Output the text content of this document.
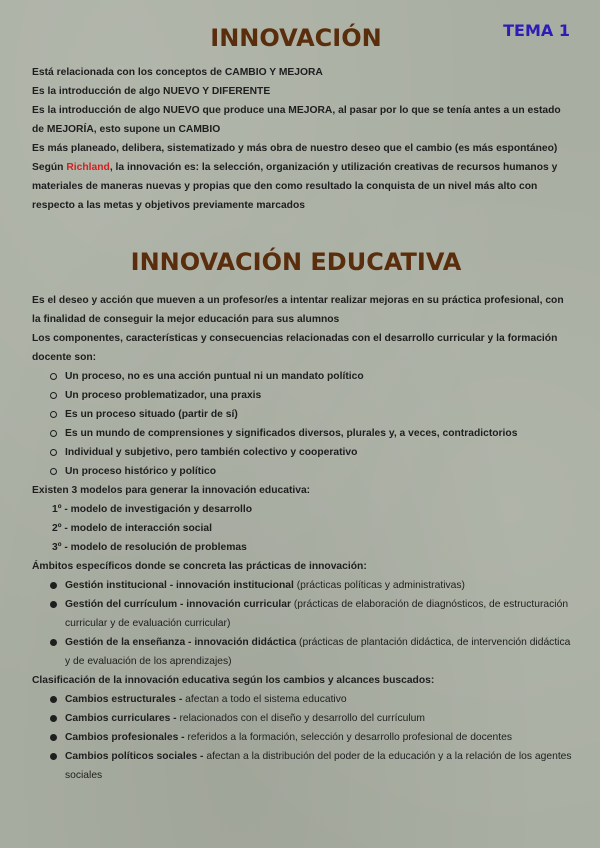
TEMA 1
INNOVACIÓN

Está relacionada con los conceptos de CAMBIO Y MEJORA

Es la introducción de algo NUEVO Y DIFERENTE

Es la introducción de algo NUEVO que produce una MEJORA, al pasar por lo que se tenía antes a un estado de MEJORÍA, esto supone un CAMBIO

Es más planeado, delibera, sistematizado y más obra de nuestro deseo que el cambio (es más espontáneo)

Según Richland, la innovación es: la selección, organización y utilización creativas de recursos humanos y materiales de maneras nuevas y propias que den como resultado la conquista de un nivel más alto con respecto a las metas y objetivos previamente marcados

INNOVACIÓN EDUCATIVA

Es el deseo y acción que mueven a un profesor/es a intentar realizar mejoras en su práctica profesional, con la finalidad de conseguir la mejor educación para sus alumnos

Los componentes, características y consecuencias relacionadas con el desarrollo curricular y la formación docente son:

Un proceso, no es una acción puntual ni un mandato político
Un proceso problematizador, una praxis
Es un proceso situado (partir de sí)
Es un mundo de comprensiones y significados diversos, plurales y, a veces, contradictorios
Individual y subjetivo, pero también colectivo y cooperativo
Un proceso histórico y político

Existen 3 modelos para generar la innovación educativa:

1º - modelo de investigación y desarrollo

2º - modelo de interacción social

3º - modelo de resolución de problemas

Ámbitos específicos donde se concreta las prácticas de innovación:

Gestión institucional - innovación institucional (prácticas políticas y administrativas)
Gestión del currículum - innovación curricular (prácticas de elaboración de diagnósticos, de estructuración curricular y de evaluación curricular)
Gestión de la enseñanza - innovación didáctica (prácticas de plantación didáctica, de intervención didáctica y de evaluación de los aprendizajes)

Clasificación de la innovación educativa según los cambios y alcances buscados:

Cambios estructurales - afectan a todo el sistema educativo
Cambios curriculares - relacionados con el diseño y desarrollo del currículum
Cambios profesionales - referidos a la formación, selección y desarrollo profesional de docentes
Cambios políticos sociales - afectan a la distribución del poder de la educación y a la relación de los agentes sociales
